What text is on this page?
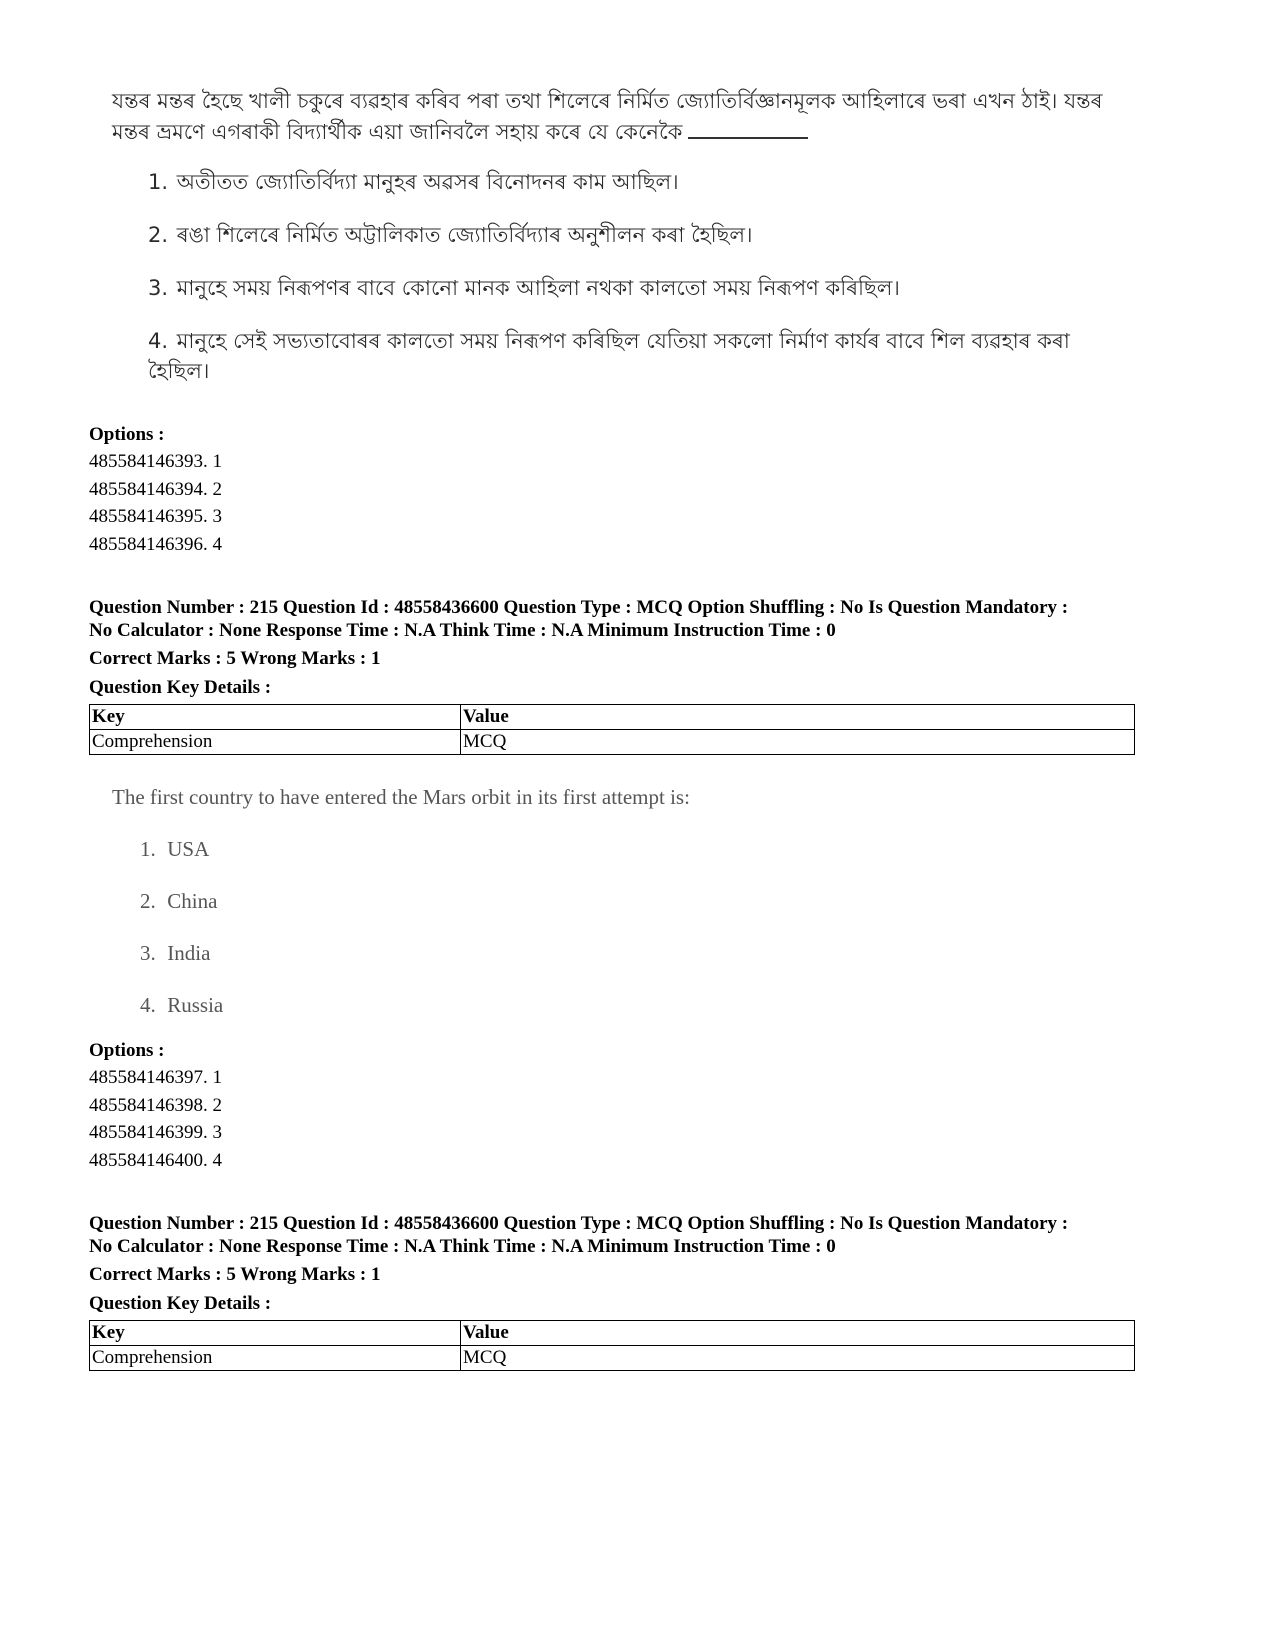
যন্তৰ মন্তৰ হৈছে খালী চকুৰে ব্যৱহাৰ কৰিব পৰা তথা শিলেৰে নিৰ্মিত জ্যোতিৰ্বিজ্ঞানমূলক আহিলাৰে ভৰা এখন ঠাই। যন্তৰ মন্তৰ ভ্ৰমণে এগৰাকী বিদ্যাৰ্থীক এয়া জানিবলৈ সহায় কৰে যে কেনেকৈ

1. অতীতত জ্যোতিৰ্বিদ্যা মানুহৰ অৱসৰ বিনোদনৰ কাম আছিল।
2. ৰঙা শিলেৰে নিৰ্মিত অট্টালিকাত জ্যোতিৰ্বিদ্যাৰ অনুশীলন কৰা হৈছিল।
3. মানুহে সময় নিৰূপণৰ বাবে কোনো মানক আহিলা নথকা কালতো সময় নিৰূপণ কৰিছিল।
4. মানুহে সেই সভ্যতাবোৰৰ কালতো সময় নিৰূপণ কৰিছিল যেতিয়া সকলো নিৰ্মাণ কাৰ্যৰ বাবে শিল ব্যৱহাৰ কৰা হৈছিল।
Options :
485584146393. 1
485584146394. 2
485584146395. 3
485584146396. 4

Question Number : 215 Question Id : 48558436600 Question Type : MCQ Option Shuffling : No Is Question Mandatory :

No Calculator : None Response Time : N.A Think Time : N.A Minimum Instruction Time : 0

Correct Marks : 5 Wrong Marks : 1
Question Key Details :
Key	Value
Comprehension	MCQ

The first country to have entered the Mars orbit in its first attempt is:

1. USA
2. China
3. India
4. Russia
Options :
485584146397. 1
485584146398. 2
485584146399. 3
485584146400. 4

Question Number : 215 Question Id : 48558436600 Question Type : MCQ Option Shuffling : No Is Question Mandatory :

No Calculator : None Response Time : N.A Think Time : N.A Minimum Instruction Time : 0

Correct Marks : 5 Wrong Marks : 1
Question Key Details :
Key	Value
Comprehension	MCQ
